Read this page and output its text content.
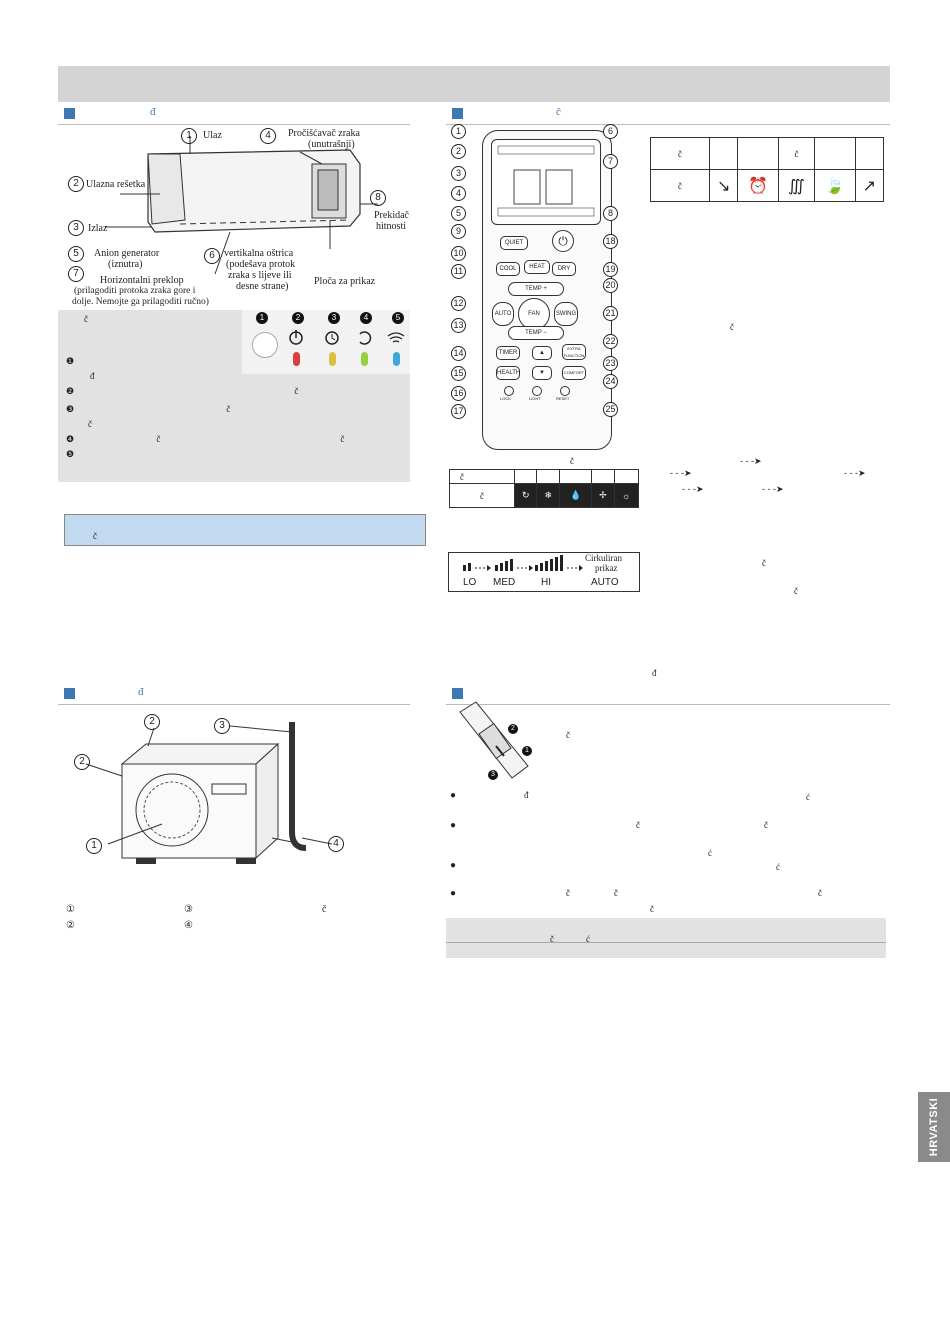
đ	č
đ
1	Ulaz	4	Pročišćavač zraka
(unutrašnji)
2 Ulazna rešetka
8
Prekidač
hitnosti
3 Izlaz
5	Anion generator
(iznutra)
6 vertikalna oštrica
(podešava protok
zraka s lijeve ili
desne strane)
7
Horizontalni preklop
(prilagoditi protoka zraka gore i
dolje. Nemojte ga prilagoditi ručno)
Ploča za prikaz
č	1	2	3	4	5
❶
đ
❷	č
❸	č
č
❹	č	č
❺
č
QUIET
HEAT
⏻
COOL	DRY
TEMP +
AUTO	FAN	SWING
TEMP −
TIMER	▲
EXTRA FUNCTION
HEALTH	▼	COMFORT
LOCK	LIGHT	RESET
1
2
3
4
5
9
10
11
12
13
14
15
16
17
6
7
8
18
19
20
21
22
23
24
25
č			č		
č	↘	⏰	∭	🍃	↗
č
č
č					
č	↻	❄	💧	✢	☼
- - -➤
- - -➤	- - -➤
- - -➤	- - -➤
LO MED	HI	AUTO
Cirkuliran
prikaz	č
č
đ
2	3
2
1	4
①	③	č
②	④
2
1
3
č
●	đ	ć
●	č	č
ć
●	ć
●	č	č	č
č
č	ć
HRVATSKI
